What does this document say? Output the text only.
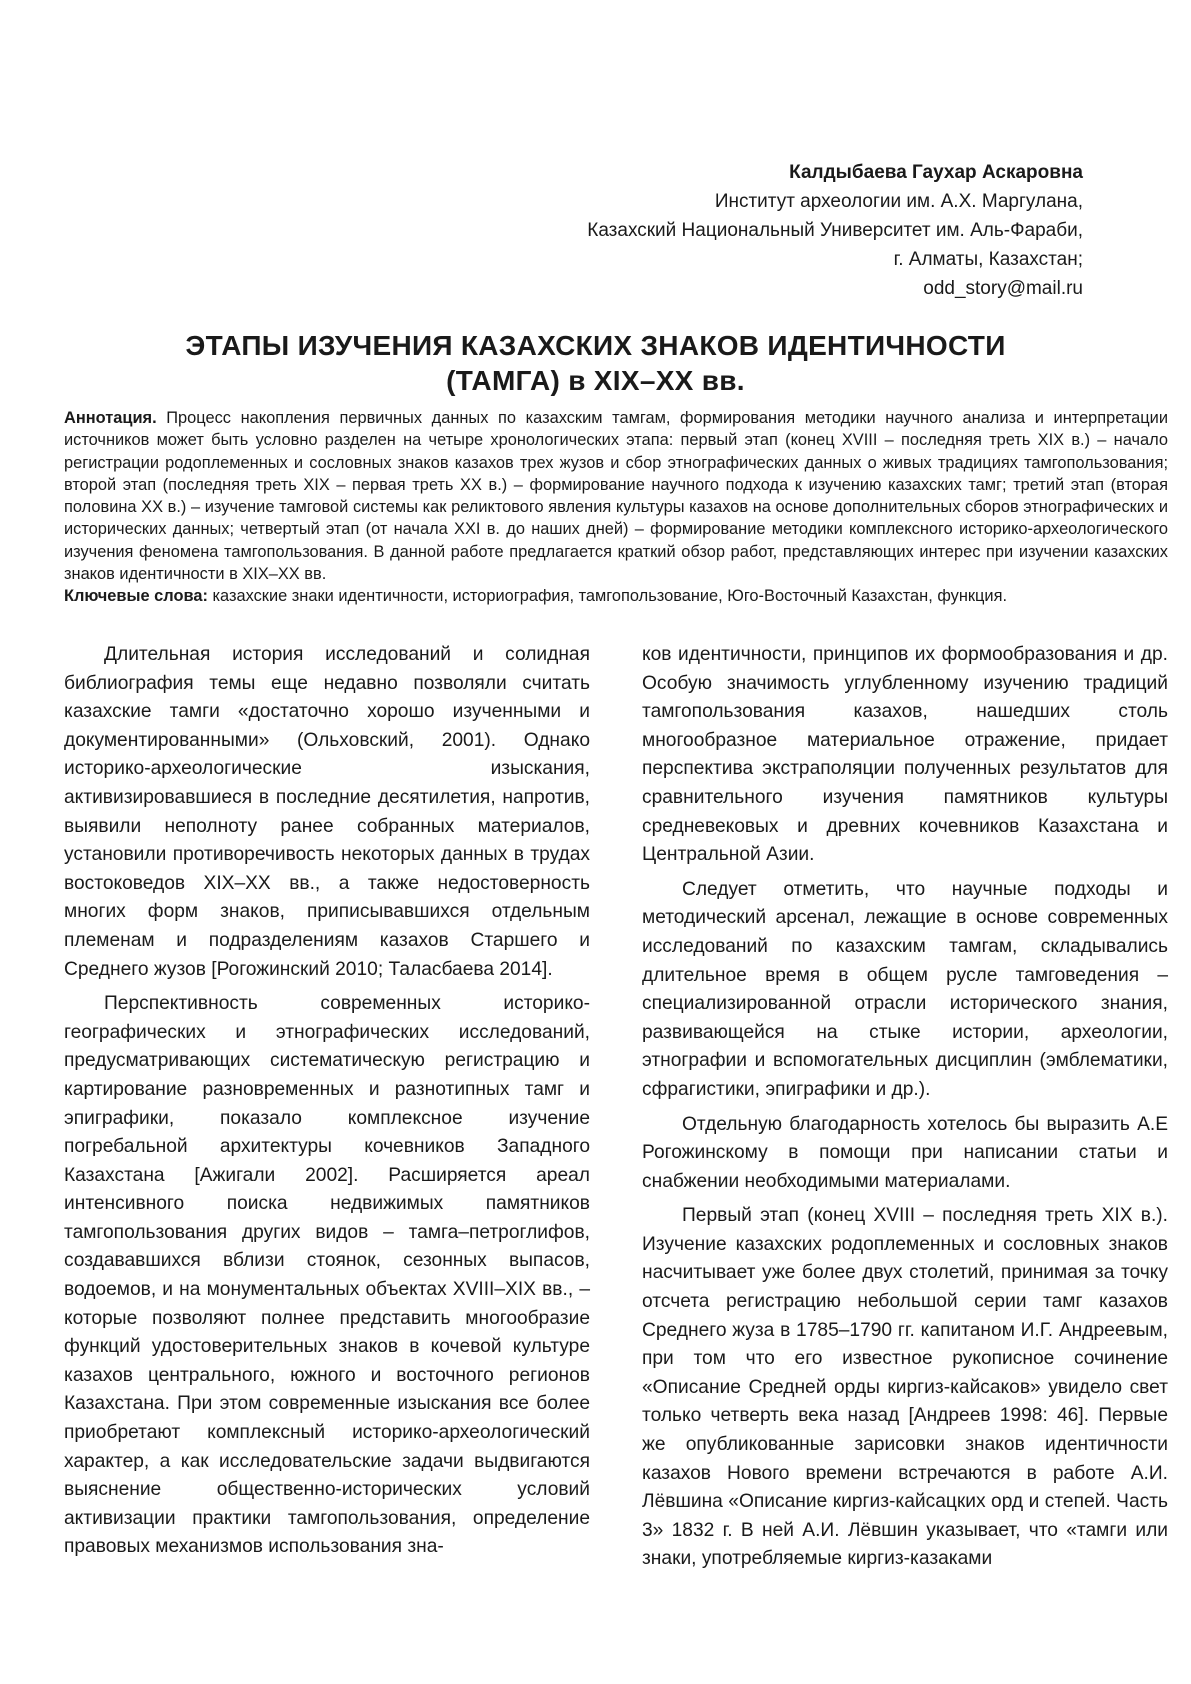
Калдыбаева Гаухар Аскаровна
Институт археологии им. А.Х. Маргулана,
Казахский Национальный Университет им. Аль-Фараби,
г. Алматы, Казахстан;
odd_story@mail.ru
ЭТАПЫ ИЗУЧЕНИЯ КАЗАХСКИХ ЗНАКОВ ИДЕНТИЧНОСТИ
(ТАМГА) в XIX–XX вв.

Аннотация. Процесс накопления первичных данных по казахским тамгам, формирования методики научного анализа и интерпретации источников может быть условно разделен на четыре хронологических этапа: первый этап (конец XVIII – последняя треть XIX в.) – начало регистрации родоплеменных и сословных знаков казахов трех жузов и сбор этнографических данных о живых традициях тамгопользования; второй этап (последняя треть XIX – первая треть XX в.) – формирование научного подхода к изучению казахских тамг; третий этап (вторая половина XX в.) – изучение тамговой системы как реликтового явления культуры казахов на основе дополнительных сборов этнографических и исторических данных; четвертый этап (от начала XXI в. до наших дней) – формирование методики комплексного историко-археологического изучения феномена тамгопользования. В данной работе предлагается краткий обзор работ, представляющих интерес при изучении казахских знаков идентичности в XIX–XX вв.

Ключевые слова: казахские знаки идентичности, историография, тамгопользование, Юго-Восточный Казахстан, функция.

Длительная история исследований и солидная библиография темы еще недавно позволяли считать казахские тамги «достаточно хорошо изученными и документированными» (Ольховский, 2001). Однако историко-археологические изыскания, активизировавшиеся в последние десятилетия, напротив, выявили неполноту ранее собранных материалов, установили противоречивость некоторых данных в трудах востоковедов XIX–XX вв., а также недостоверность многих форм знаков, приписывавшихся отдельным племенам и подразделениям казахов Старшего и Среднего жузов [Рогожинский 2010; Таласбаева 2014].

Перспективность современных историко-географических и этнографических исследований, предусматривающих систематическую регистрацию и картирование разновременных и разнотипных тамг и эпиграфики, показало комплексное изучение погребальной архитектуры кочевников Западного Казахстана [Ажигали 2002]. Расширяется ареал интенсивного поиска недвижимых памятников тамгопользования других видов – тамга–петроглифов, создававшихся вблизи стоянок, сезонных выпасов, водоемов, и на монументальных объектах XVIII–XIX вв., – которые позволяют полнее представить многообразие функций удостоверительных знаков в кочевой культуре казахов центрального, южного и восточного регионов Казахстана. При этом современные изыскания все более приобретают комплексный историко-археологический характер, а как исследовательские задачи выдвигаются выяснение общественно-исторических условий активизации практики тамгопользования, определение правовых механизмов использования зна-

ков идентичности, принципов их формообразования и др. Особую значимость углубленному изучению традиций тамгопользования казахов, нашедших столь многообразное материальное отражение, придает перспектива экстраполяции полученных результатов для сравнительного изучения памятников культуры средневековых и древних кочевников Казахстана и Центральной Азии.

Следует отметить, что научные подходы и методический арсенал, лежащие в основе современных исследований по казахским тамгам, складывались длительное время в общем русле тамговедения – специализированной отрасли исторического знания, развивающейся на стыке истории, археологии, этнографии и вспомогательных дисциплин (эмблематики, сфрагистики, эпиграфики и др.).

Отдельную благодарность хотелось бы выразить А.Е Рогожинскому в помощи при написании статьи и снабжении необходимыми материалами.

Первый этап (конец XVIII – последняя треть XIX в.). Изучение казахских родоплеменных и сословных знаков насчитывает уже более двух столетий, принимая за точку отсчета регистрацию небольшой серии тамг казахов Среднего жуза в 1785–1790 гг. капитаном И.Г. Андреевым, при том что его известное рукописное сочинение «Описание Средней орды киргиз-кайсаков» увидело свет только четверть века назад [Андреев 1998: 46]. Первые же опубликованные зарисовки знаков идентичности казахов Нового времени встречаются в работе А.И. Лёвшина «Описание киргиз-кайсацких орд и степей. Часть 3» 1832 г. В ней А.И. Лёвшин указывает, что «тамги или знаки, употребляемые киргиз-казаками
